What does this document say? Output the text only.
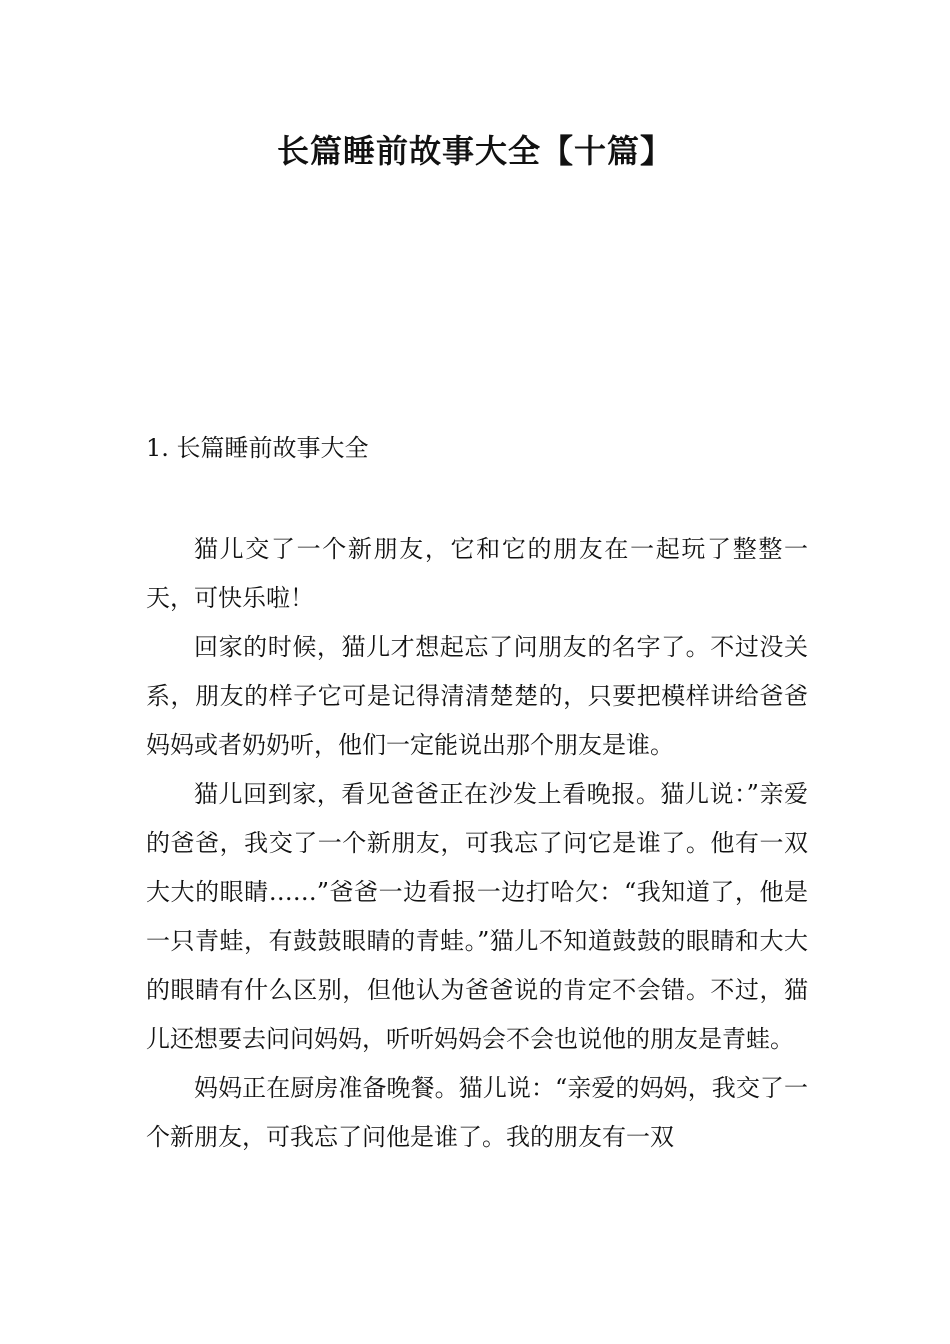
长篇睡前故事大全【十篇】
1. 长篇睡前故事大全

猫儿交了一个新朋友，它和它的朋友在一起玩了整整一天，可快乐啦！

回家的时候，猫儿才想起忘了问朋友的名字了。不过没关系，朋友的样子它可是记得清清楚楚的，只要把模样讲给爸爸妈妈或者奶奶听，他们一定能说出那个朋友是谁。

猫儿回到家，看见爸爸正在沙发上看晚报。猫儿说：”亲爱的爸爸，我交了一个新朋友，可我忘了问它是谁了。他有一双大大的眼睛……”爸爸一边看报一边打哈欠：“我知道了，他是一只青蛙，有鼓鼓眼睛的青蛙。”猫儿不知道鼓鼓的眼睛和大大的眼睛有什么区别，但他认为爸爸说的肯定不会错。不过，猫儿还想要去问问妈妈，听听妈妈会不会也说他的朋友是青蛙。

妈妈正在厨房准备晚餐。猫儿说：“亲爱的妈妈，我交了一个新朋友，可我忘了问他是谁了。我的朋友有一双
